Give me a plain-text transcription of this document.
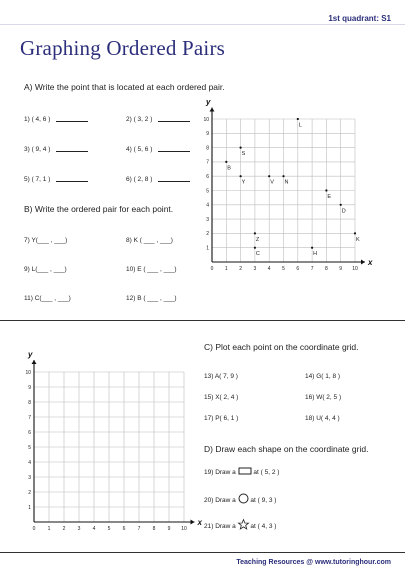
1st quadrant: S1
Graphing Ordered Pairs
A) Write the point that is located at each ordered pair.
1) ( 4, 6 )	2) ( 3, 2 )
3) ( 9, 4 )	4) ( 5, 6 )
5) ( 7, 1 )	6) ( 2, 8 )
B) Write the ordered pair for each point.
7) Y(___ , ___)	8) K ( ___ , ___)
9) L(___ , ___)	10) E ( ___ , ___)
11) C(___ , ___)	12) B ( ___ , ___)
x
y
0 1
1
2
2
3
3
4
4
5
5
6
6
7
7
8
8
9
9
10
10
L
S
B
Y	V N
E
D
Z	K
C	H
x
y
0 1
1
2
2
3
3
4
4
5
5
6
6
7
7
8
8
9
9
10
10
C) Plot each point on the coordinate grid.
13) A( 7, 9 )	14) G( 1, 8 )
15) X( 2, 4 )	16) W( 2, 5 )
17) P( 6, 1 )	18) U( 4, 4 )
D) Draw each shape on the coordinate grid.
19) Draw a	at ( 5, 2 )
20) Draw a at ( 9, 3 )
21) Draw a at ( 4, 3 )
Teaching Resources @ www.tutoringhour.com
